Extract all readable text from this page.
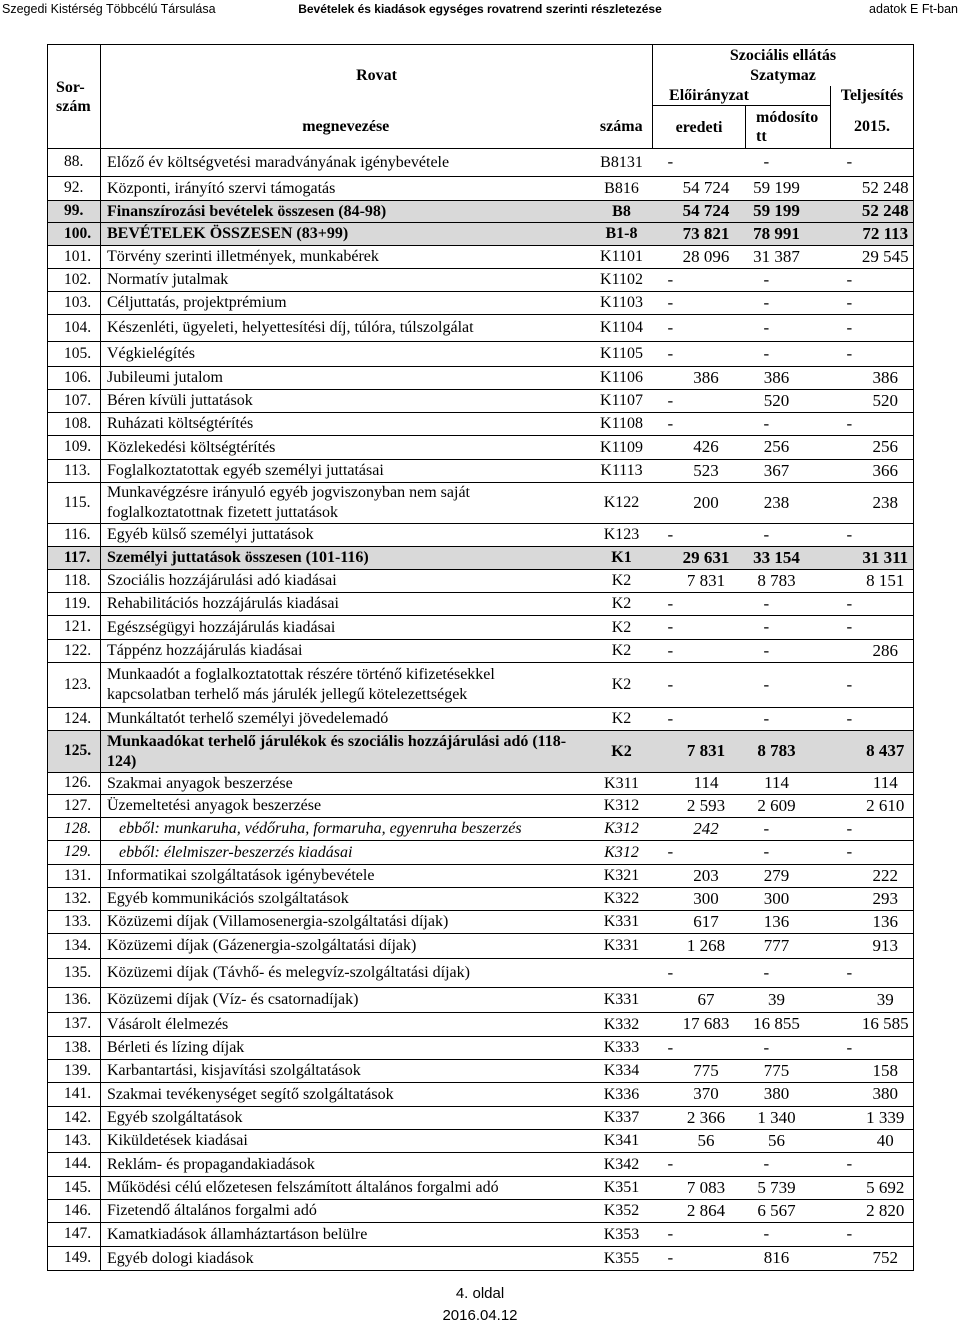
Szegedi Kistérség Többcélú Társulása	Bevételek és kiadások egységes rovatrend szerinti részletezése	adatok E Ft-ban
Sor-szám	Rovat		Szociális ellátás		
			Szatymaz		
			Előirányzat		Teljesítés
	megnevezése	száma	eredeti	módosított	2015.
88.	Előző év költségvetési maradványának igénybevétele	B8131	-	-	-
92.	Központi, irányító szervi támogatás	B816	54 724	59 199	52 248
99.	Finanszírozási bevételek összesen (84-98)	B8	54 724	59 199	52 248
100.	BEVÉTELEK ÖSSZESEN (83+99)	B1-8	73 821	78 991	72 113
101.	Törvény szerinti illetmények, munkabérek	K1101	28 096	31 387	29 545
102.	Normatív jutalmak	K1102	-	-	-
103.	Céljuttatás, projektprémium	K1103	-	-	-
104.	Készenléti, ügyeleti, helyettesítési díj, túlóra, túlszolgálat	K1104	-	-	-
105.	Végkielégítés	K1105	-	-	-
106.	Jubileumi jutalom	K1106	386	386	386
107.	Béren kívüli juttatások	K1107	-	520	520
108.	Ruházati költségtérítés	K1108	-	-	-
109.	Közlekedési költségtérítés	K1109	426	256	256
113.	Foglalkoztatottak egyéb személyi juttatásai	K1113	523	367	366
115.	Munkavégzésre irányuló egyéb jogviszonyban nem saját foglalkoztatottnak fizetett juttatások	K122	200	238	238
116.	Egyéb külső személyi juttatások	K123	-	-	-
117.	Személyi juttatások összesen (101-116)	K1	29 631	33 154	31 311
118.	Szociális hozzájárulási adó kiadásai	K2	7 831	8 783	8 151
119.	Rehabilitációs hozzájárulás kiadásai	K2	-	-	-
121.	Egészségügyi hozzájárulás kiadásai	K2	-	-	-
122.	Táppénz hozzájárulás kiadásai	K2	-	-	286
123.	Munkaadót a foglalkoztatottak részére történő kifizetésekkel kapcsolatban terhelő más járulék jellegű kötelezettségek	K2	-	-	-
124.	Munkáltatót terhelő személyi jövedelemadó	K2	-	-	-
125.	Munkaadókat terhelő járulékok és szociális hozzájárulási adó (118-124)	K2	7 831	8 783	8 437
126.	Szakmai anyagok beszerzése	K311	114	114	114
127.	Üzemeltetési anyagok beszerzése	K312	2 593	2 609	2 610
128.	ebből: munkaruha, védőruha, formaruha, egyenruha beszerzés	K312	242	-	-
129.	ebből: élelmiszer-beszerzés kiadásai	K312	-	-	-
131.	Informatikai szolgáltatások igénybevétele	K321	203	279	222
132.	Egyéb kommunikációs szolgáltatások	K322	300	300	293
133.	Közüzemi díjak (Villamosenergia-szolgáltatási díjak)	K331	617	136	136
134.	Közüzemi díjak (Gázenergia-szolgáltatási díjak)	K331	1 268	777	913
135.	Közüzemi díjak (Távhő- és melegvíz-szolgáltatási díjak)		-	-	-
136.	Közüzemi díjak (Víz- és csatornadíjak)	K331	67	39	39
137.	Vásárolt élelmezés	K332	17 683	16 855	16 585
138.	Bérleti és lízing díjak	K333	-	-	-
139.	Karbantartási, kisjavítási szolgáltatások	K334	775	775	158
141.	Szakmai tevékenységet segítő szolgáltatások	K336	370	380	380
142.	Egyéb szolgáltatások	K337	2 366	1 340	1 339
143.	Kiküldetések kiadásai	K341	56	56	40
144.	Reklám- és propagandakiadások	K342	-	-	-
145.	Működési célú előzetesen felszámított általános forgalmi adó	K351	7 083	5 739	5 692
146.	Fizetendő általános forgalmi adó	K352	2 864	6 567	2 820
147.	Kamatkiadások államháztartáson belülre	K353	-	-	-
149.	Egyéb dologi kiadások	K355	-	816	752
4. oldal
2016.04.12
